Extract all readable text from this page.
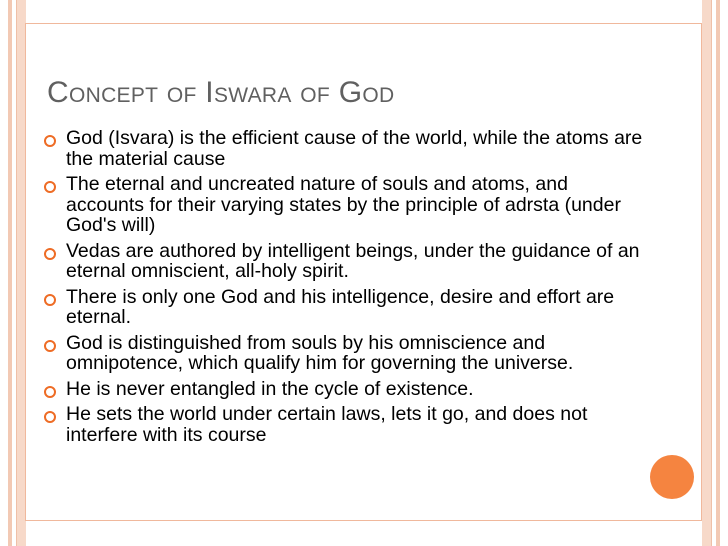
Concept of Iswara of God
God (Isvara) is the efficient cause of the world, while the atoms are the material cause
The eternal and uncreated nature of souls and atoms, and accounts for their varying states by the principle of adrsta (under God's will)
Vedas are authored by intelligent beings, under the guidance of an eternal omniscient, all-holy spirit.
There is only one God and his intelligence, desire and effort are eternal.
God is distinguished from souls by his omniscience and omnipotence, which qualify him for governing the universe.
He is never entangled in the cycle of existence.
He sets the world under certain laws, lets it go, and does not interfere with its course
